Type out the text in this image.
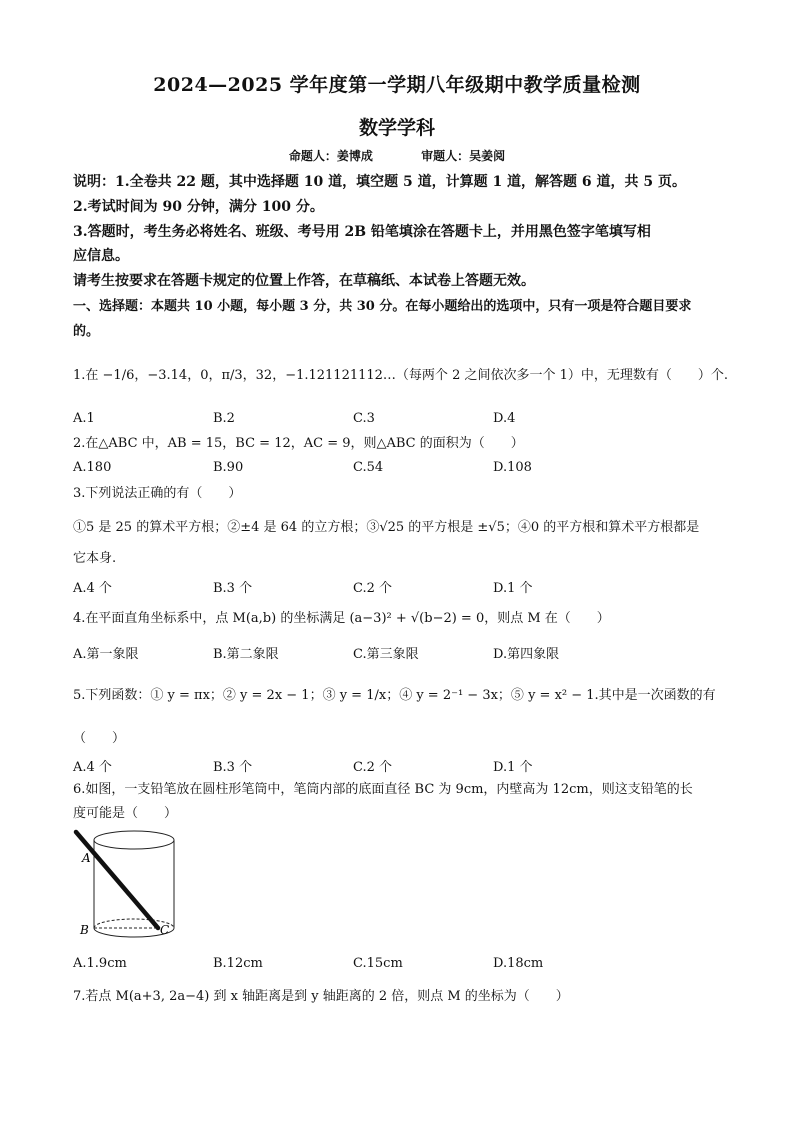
2024—2025 学年度第一学期八年级期中教学质量检测
数学学科
命题人：姜博成	审题人：吴姜阅
说明：1.全卷共 22 题，其中选择题 10 道，填空题 5 道，计算题 1 道，解答题 6 道，共 5 页。
2.考试时间为 90 分钟，满分 100 分。
3.答题时，考生务必将姓名、班级、考号用 2B 铅笔填涂在答题卡上，并用黑色签字笔填写相
应信息。
请考生按要求在答题卡规定的位置上作答，在草稿纸、本试卷上答题无效。
一、选择题：本题共 10 小题，每小题 3 分，共 30 分。在每小题给出的选项中，只有一项是符合题目要求
的。
1.在 −1/6，−3.14，0，π/3，32，−1.121121112…（每两个 2 之间依次多一个 1）中，无理数有（　　）个.
A.1	B.2	C.3	D.4
2.在△ABC 中，AB = 15，BC = 12，AC = 9，则△ABC 的面积为（　　）
A.180	B.90	C.54	D.108
3.下列说法正确的有（　　）
①5 是 25 的算术平方根；②±4 是 64 的立方根；③√25 的平方根是 ±√5；④0 的平方根和算术平方根都是
它本身.
A.4 个	B.3 个	C.2 个	D.1 个
4.在平面直角坐标系中，点 M(a,b) 的坐标满足 (a−3)² + √(b−2) = 0，则点 M 在（　　）
A.第一象限	B.第二象限	C.第三象限	D.第四象限
5.下列函数：① y = πx；② y = 2x − 1；③ y = 1/x；④ y = 2⁻¹ − 3x；⑤ y = x² − 1.其中是一次函数的有
（　　）
A.4 个	B.3 个	C.2 个	D.1 个
6.如图，一支铅笔放在圆柱形笔筒中，笔筒内部的底面直径 BC 为 9cm，内壁高为 12cm，则这支铅笔的长
度可能是（　　）
A
B	C
A.1.9cm	B.12cm	C.15cm	D.18cm
7.若点 M(a+3, 2a−4) 到 x 轴距离是到 y 轴距离的 2 倍，则点 M 的坐标为（　　）
